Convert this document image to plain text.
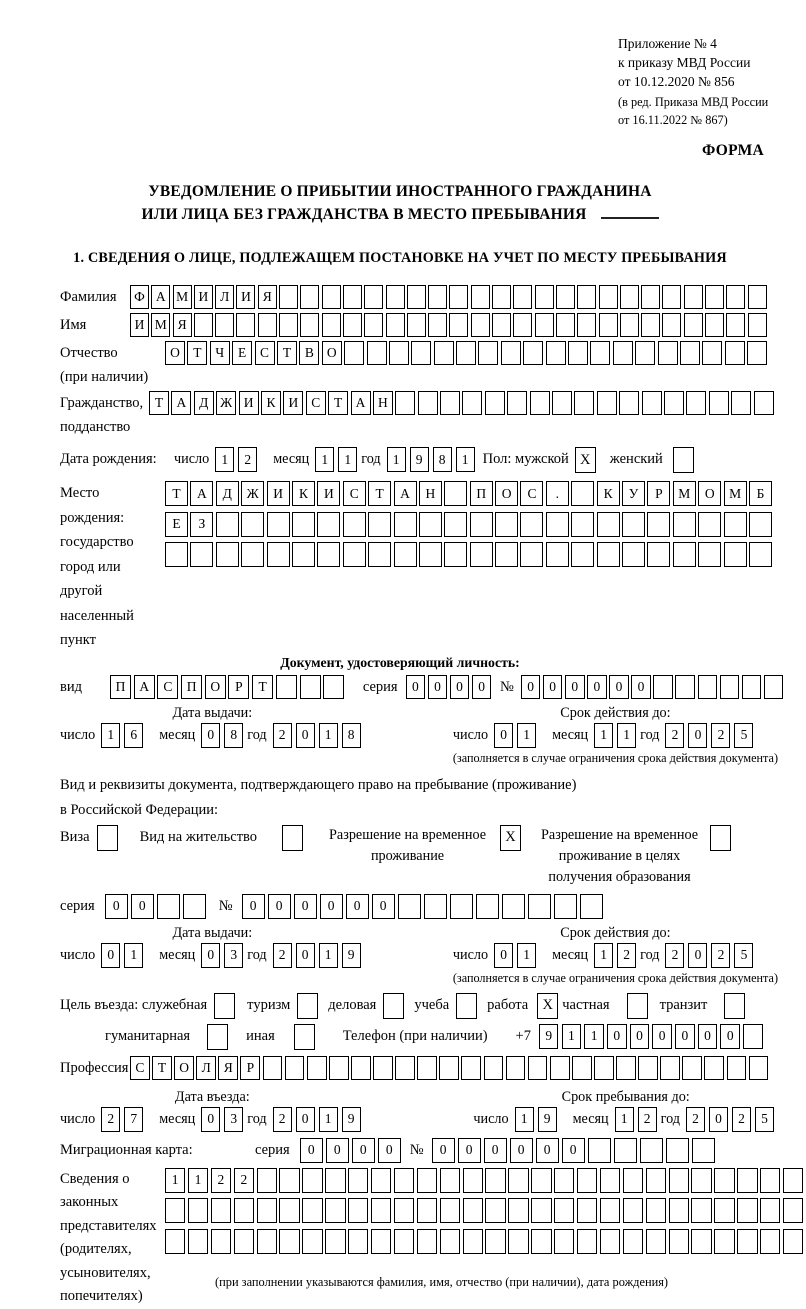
Приложение № 4
к приказу МВД России
от 10.12.2020 № 856
(в ред. Приказа МВД России
от 16.11.2022 № 867)
ФОРМА
УВЕДОМЛЕНИЕ О ПРИБЫТИИ ИНОСТРАННОГО ГРАЖДАНИНА
ИЛИ ЛИЦА БЕЗ ГРАЖДАНСТВА В МЕСТО ПРЕБЫВАНИЯ
1. СВЕДЕНИЯ О ЛИЦЕ, ПОДЛЕЖАЩЕМ ПОСТАНОВКЕ НА УЧЕТ ПО МЕСТУ ПРЕБЫВАНИЯ
Фамилия	Ф А М И Л И Я
Имя	И М Я
Отчество
(при наличии)
О Т	Ч	Е	С	Т	В О
Гражданство,
подданство
Т А Д Ж И К И С	Т А Н
Дата рождения:	число 1	2	месяц 1	1 год 1	9	8	1 Пол: мужской X	женский
Место рождения:
государство
город или другой
населенный пункт
Т	А	Д	Ж	И	К	И	С	Т	А	Н	П	О	С	.	К	У	Р	М	О	М	Б
Е	З
Документ, удостоверяющий личность:
вид	П	А	С	П	О	Р	Т	серия	0	0	0	0	№ 0	0	0	0	0	0
Дата выдачи:
число 1	6	месяц 0	8 год 2	0	1	8
Срок действия до:
число 0	1	месяц 1	1 год 2	0	2	5
(заполняется в случае ограничения срока действия документа)
Вид и реквизиты документа, подтверждающего право на пребывание (проживание)
в Российской Федерации:
Виза	Вид на жительство	Разрешение на временное
проживание
X	Разрешение на временное
проживание в целях
получения образования
серия	0	0	№	0	0	0	0	0	0
Дата выдачи:
число 0	1	месяц 0	3 год 2	0	1	9
Срок действия до:
число 0	1	месяц 1	2 год 2	0	2	5
(заполняется в случае ограничения срока действия документа)
Цель въезда: служебная	туризм	деловая	учеба	работа X частная	транзит
гуманитарная	иная	Телефон (при наличии) +7	9	1	1	0	0	0	0	0	0
Профессия С Т О Л Я	Р
Дата въезда:
число 2	7	месяц 0	3 год 2	0	1	9
Срок пребывания до:
число 1	9	месяц 1	2 год 2	0	2	5
Миграционная карта:	серия	0	0	0	0	№	0	0	0	0	0	0
Сведения о
законных
представителях
(родителях,
усыновителях,
попечителях)
1	1	2	2
(при заполнении указываются фамилия, имя, отчество (при наличии), дата рождения)
